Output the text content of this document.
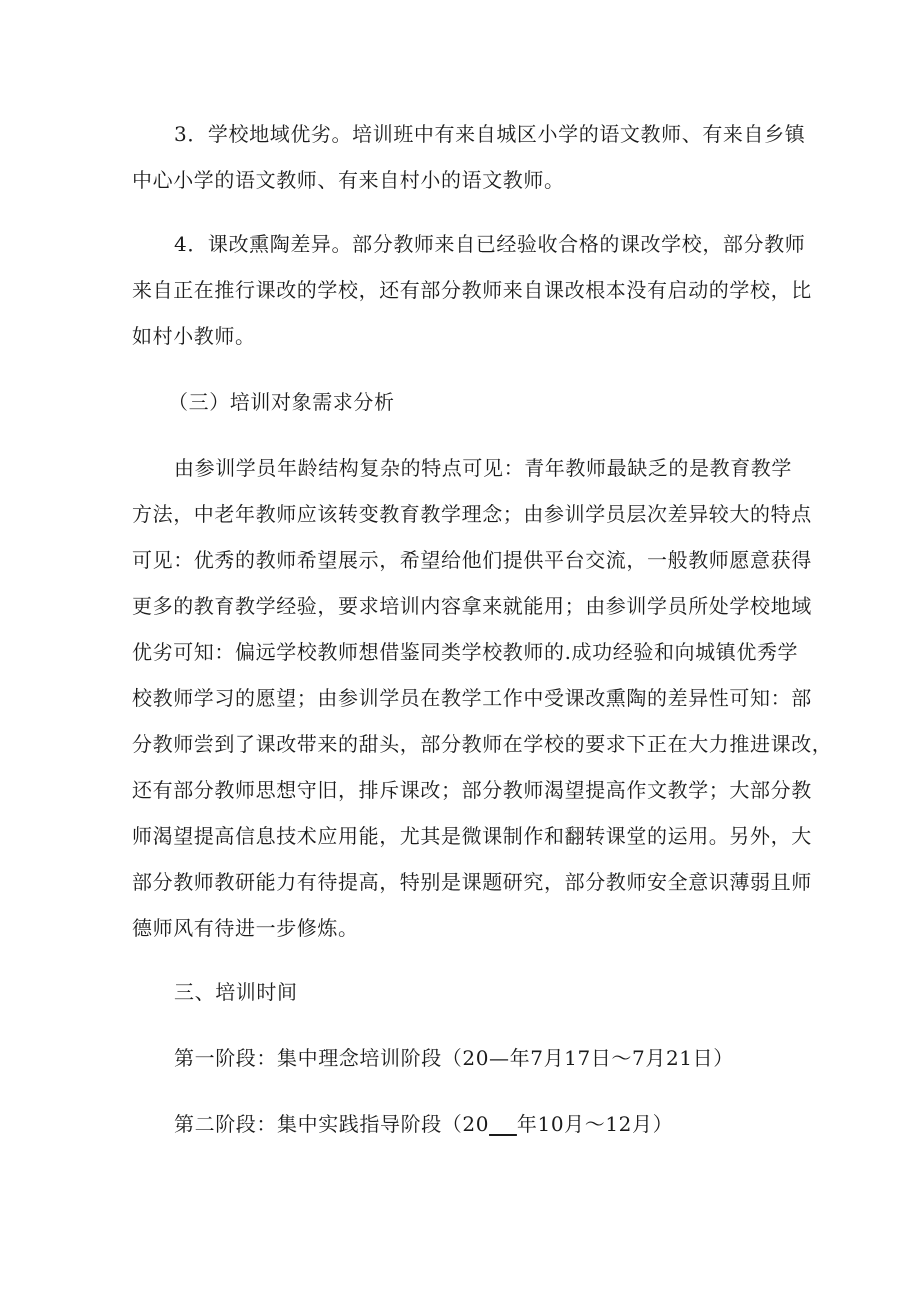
3．学校地域优劣。培训班中有来自城区小学的语文教师、有来自乡镇
中心小学的语文教师、有来自村小的语文教师。
4．课改熏陶差异。部分教师来自已经验收合格的课改学校，部分教师
来自正在推行课改的学校，还有部分教师来自课改根本没有启动的学校，比
如村小教师。
（三）培训对象需求分析
由参训学员年龄结构复杂的特点可见：青年教师最缺乏的是教育教学
方法，中老年教师应该转变教育教学理念；由参训学员层次差异较大的特点
可见：优秀的教师希望展示，希望给他们提供平台交流，一般教师愿意获得
更多的教育教学经验，要求培训内容拿来就能用；由参训学员所处学校地域
优劣可知：偏远学校教师想借鉴同类学校教师的.成功经验和向城镇优秀学
校教师学习的愿望；由参训学员在教学工作中受课改熏陶的差异性可知：部
分教师尝到了课改带来的甜头，部分教师在学校的要求下正在大力推进课改，
还有部分教师思想守旧，排斥课改；部分教师渴望提高作文教学；大部分教
师渴望提高信息技术应用能，尤其是微课制作和翻转课堂的运用。另外，大
部分教师教研能力有待提高，特别是课题研究，部分教师安全意识薄弱且师
德师风有待进一步修炼。
三、培训时间
第一阶段：集中理念培训阶段（20—年7月17日～7月21日）
第二阶段：集中实践指导阶段（20 年10月～12月）
